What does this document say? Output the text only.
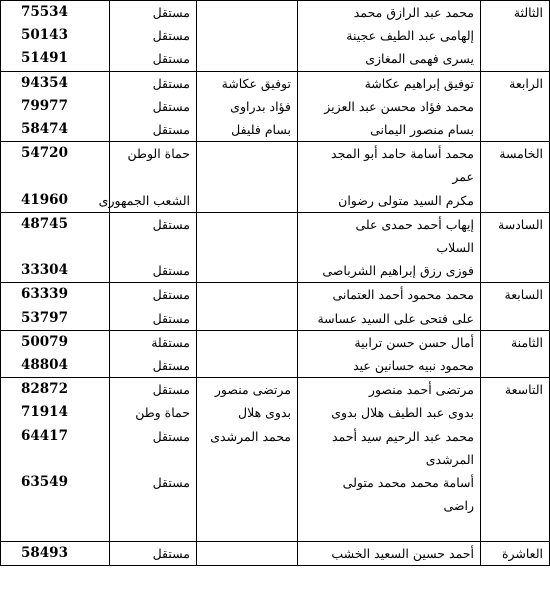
الثالثة	محمد عبد الرازق محمد		مستقل	75534
	إلهامى عبد الطيف عجينة		مستقل	50143
	يسرى فهمى المغازى		مستقل	51491
الرابعة	توفيق إبراهيم عكاشة	توفيق عكاشة	مستقل	94354
	محمد فؤاد محسن عبد العزيز	فؤاد بدراوى	مستقل	79977
	بسام منصور اليمانى	بسام فليفل	مستقل	58474
الخامسة	محمد أسامة حامد أبو المجد		حماة الوطن	54720
	عمر			
	مكرم السيد متولى رضوان		الشعب الجمهورى	41960
السادسة	إيهاب أحمد حمدى على		مستقل	48745
	السلاب			
	فوزى رزق إبراهيم الشرباصى		مستقل	33304
السابعة	محمد محمود أحمد العتمانى		مستقل	63339
	على فتحى على السيد عساسة		مستقل	53797
الثامنة	أمال حسن حسن ترابية		مستقلة	50079
	محمود نبيه حسانين عيد		مستقل	48804
التاسعة	مرتضى أحمد منصور	مرتضى منصور	مستقل	82872
	بدوى عبد الطيف هلال بدوى	بدوى هلال	حماة وطن	71914
	محمد عبد الرحيم سيد أحمد	محمد المرشدى	مستقل	64417
	المرشدى			
	أسامة محمد محمد متولى		مستقل	63549
	راضى			

العاشرة	أحمد حسين السعيد الخشب		مستقل	58493
